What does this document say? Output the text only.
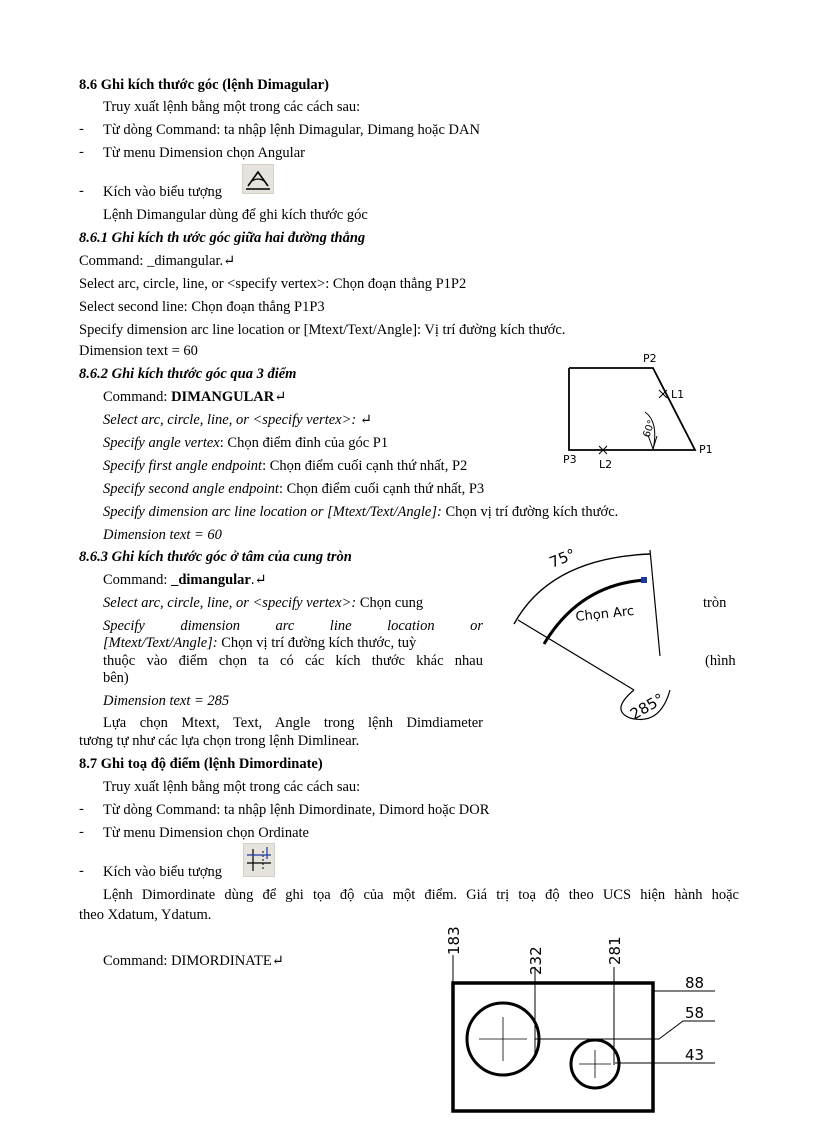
8.6 Ghi kích thước góc (lệnh Dimagular)
Truy xuất lệnh bằng một trong các cách sau:
- Từ dòng Command: ta nhập lệnh Dimagular, Dimang hoặc DAN
- Từ menu Dimension chọn Angular
- Kích vào biểu tượng
Lệnh Dimangular dùng để ghi kích thước góc
8.6.1 Ghi kích th ước góc giữa hai đường thẳng
Command: _dimangular.↵
Select arc, circle, line, or <specify vertex>: Chọn đoạn thẳng P1P2
Select second line: Chọn đoạn thẳng P1P3
Specify dimension arc line location or [Mtext/Text/Angle]: Vị trí đường kích thước.
Dimension text = 60
8.6.2 Ghi kích thước góc qua 3 điểm
Command: DIMANGULAR↵
Select arc, circle, line, or <specify vertex>: ↵
Specify angle vertex: Chọn điểm đỉnh của góc P1
Specify first angle endpoint: Chọn điểm cuối cạnh thứ nhất, P2
Specify second angle endpoint: Chọn điểm cuối cạnh thứ nhất, P3
Specify dimension arc line location or [Mtext/Text/Angle]: Chọn vị trí đường kích thước.
Dimension text = 60
P2
P1
P3 L2
L1
60°
8.6.3 Ghi kích thước góc ở tâm của cung tròn
Command: _dimangular.↵
Select arc, circle, line, or <specify vertex>: Chọn cung	tròn
Specify dimension arc line location or
[Mtext/Text/Angle]: Chọn vị trí đường kích thước, tuỳ
thuộc vào điểm chọn ta có các kích thước khác nhau	(hình
bên)
Dimension text = 285
Lựa chọn Mtext, Text, Angle trong lệnh Dimdiameter
tương tự như các lựa chọn trong lệnh Dimlinear.
75°
Chọn Arc
285°
8.7 Ghi toạ độ điểm (lệnh Dimordinate)
Truy xuất lệnh bằng một trong các cách sau:
- Từ dòng Command: ta nhập lệnh Dimordinate, Dimord hoặc DOR
- Từ menu Dimension chọn Ordinate
- Kích vào biểu tượng
Lệnh Dimordinate dùng để ghi tọa độ của một điểm. Giá trị toạ độ theo UCS hiện hành hoặc
theo Xdatum, Ydatum.
Command: DIMORDINATE↵
183
232	281
88
58
43
